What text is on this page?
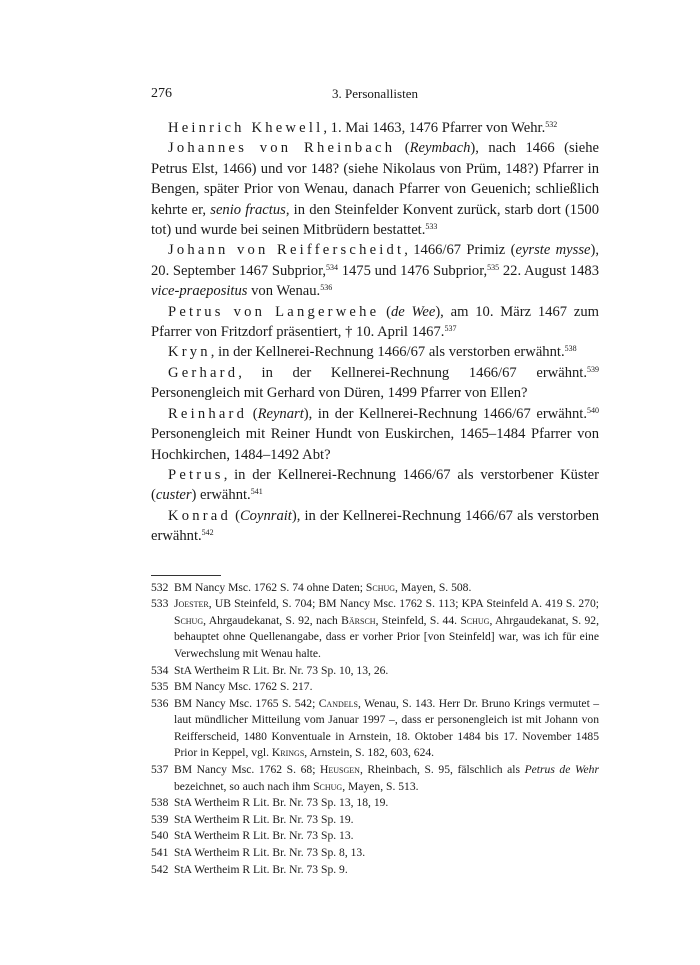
276	3. Personallisten

Heinrich Khewell, 1. Mai 1463, 1476 Pfarrer von Wehr.$^{532}$

Johannes von Rheinbach (Reymbach), nach 1466 (siehe Petrus Elst, 1466) und vor 148? (siehe Nikolaus von Prüm, 148?) Pfarrer in Bengen, später Prior von Wenau, danach Pfarrer von Geuenich; schließlich kehrte er, senio fractus, in den Steinfelder Konvent zurück, starb dort (1500 tot) und wurde bei seinen Mitbrüdern bestattet.$^{533}$

Johann von Reifferscheidt, 1466/67 Primiz (eyrste mysse), 20. September 1467 Subprior,$^{534}$ 1475 und 1476 Subprior,$^{535}$ 22. August 1483 vice-praepositus von Wenau.$^{536}$

Petrus von Langerwehe (de Wee), am 10. März 1467 zum Pfarrer von Fritzdorf präsentiert, † 10. April 1467.$^{537}$

Kryn, in der Kellnerei-Rechnung 1466/67 als verstorben erwähnt.$^{538}$

Gerhard, in der Kellnerei-Rechnung 1466/67 erwähnt.$^{539}$ Personengleich mit Gerhard von Düren, 1499 Pfarrer von Ellen?

Reinhard (Reynart), in der Kellnerei-Rechnung 1466/67 erwähnt.$^{540}$ Personengleich mit Reiner Hundt von Euskirchen, 1465–1484 Pfarrer von Hochkirchen, 1484–1492 Abt?

Petrus, in der Kellnerei-Rechnung 1466/67 als verstorbener Küster (custer) erwähnt.$^{541}$

Konrad (Coynrait), in der Kellnerei-Rechnung 1466/67 als verstorben erwähnt.$^{542}$

532 BM Nancy Msc. 1762 S. 74 ohne Daten; Schug, Mayen, S. 508.
533 Joester, UB Steinfeld, S. 704; BM Nancy Msc. 1762 S. 113; KPA Steinfeld A. 419 S. 270; Schug, Ahrgaudekanat, S. 92, nach Bärsch, Steinfeld, S. 44. Schug, Ahrgaudekanat, S. 92, behauptet ohne Quellenangabe, dass er vorher Prior [von Steinfeld] war, was ich für eine Verwechslung mit Wenau halte.
534 StA Wertheim R Lit. Br. Nr. 73 Sp. 10, 13, 26.
535 BM Nancy Msc. 1762 S. 217.
536 BM Nancy Msc. 1765 S. 542; Candels, Wenau, S. 143. Herr Dr. Bruno Krings vermutet – laut mündlicher Mitteilung vom Januar 1997 –, dass er personengleich ist mit Johann von Reifferscheid, 1480 Konventuale in Arnstein, 18. Oktober 1484 bis 17. November 1485 Prior in Keppel, vgl. Krings, Arnstein, S. 182, 603, 624.
537 BM Nancy Msc. 1762 S. 68; Heusgen, Rheinbach, S. 95, fälschlich als Petrus de Wehr bezeichnet, so auch nach ihm Schug, Mayen, S. 513.
538 StA Wertheim R Lit. Br. Nr. 73 Sp. 13, 18, 19.
539 StA Wertheim R Lit. Br. Nr. 73 Sp. 19.
540 StA Wertheim R Lit. Br. Nr. 73 Sp. 13.
541 StA Wertheim R Lit. Br. Nr. 73 Sp. 8, 13.
542 StA Wertheim R Lit. Br. Nr. 73 Sp. 9.
